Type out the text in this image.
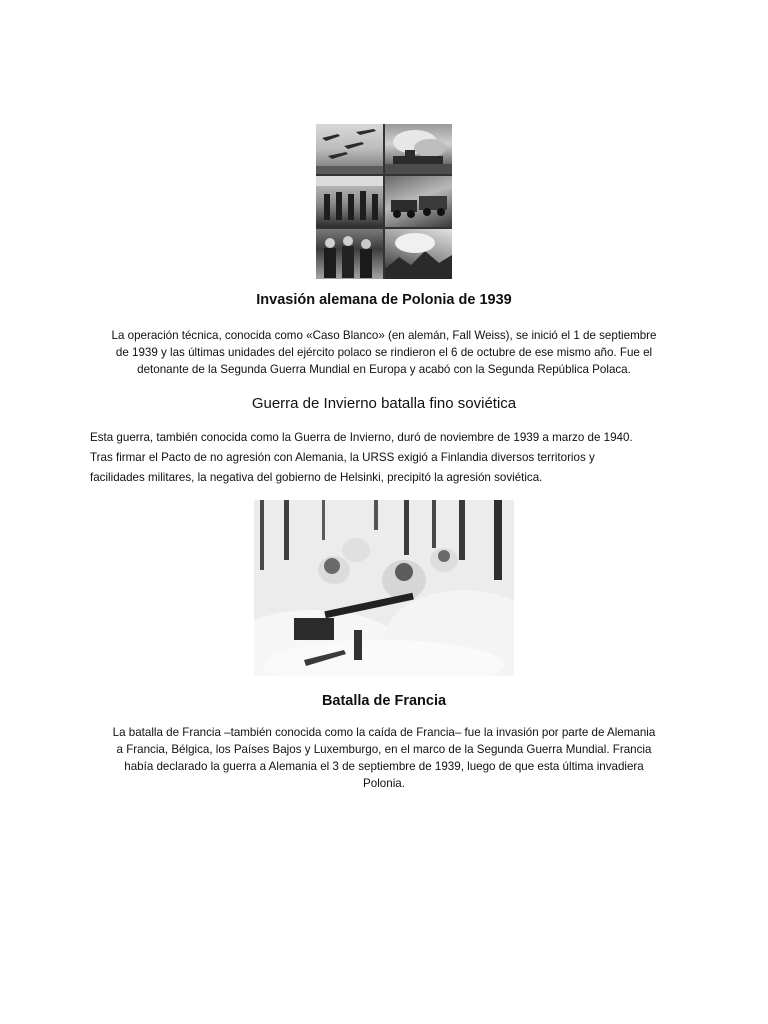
Invasión alemana de Polonia de 1939

La operación técnica, conocida como «Caso Blanco» (en alemán, Fall Weiss), se inició el 1 de septiembre
de 1939 y las últimas unidades del ejército polaco se rindieron el 6 de octubre de ese mismo año. Fue el
detonante de la Segunda Guerra Mundial en Europa y acabó con la Segunda República Polaca.

Guerra de Invierno batalla fino soviética

Esta guerra, también conocida como la Guerra de Invierno, duró de noviembre de 1939 a marzo de 1940.
Tras firmar el Pacto de no agresión con Alemania, la URSS exigió a Finlandia diversos territorios y
facilidades militares, la negativa del gobierno de Helsinki, precipitó la agresión soviética.

Batalla de Francia

La batalla de Francia –también conocida como la caída de Francia– fue la invasión por parte de Alemania
a Francia, Bélgica, los Países Bajos y Luxemburgo, en el marco de la Segunda Guerra Mundial. Francia
había declarado la guerra a Alemania el 3 de septiembre de 1939, luego de que esta última invadiera
Polonia.
